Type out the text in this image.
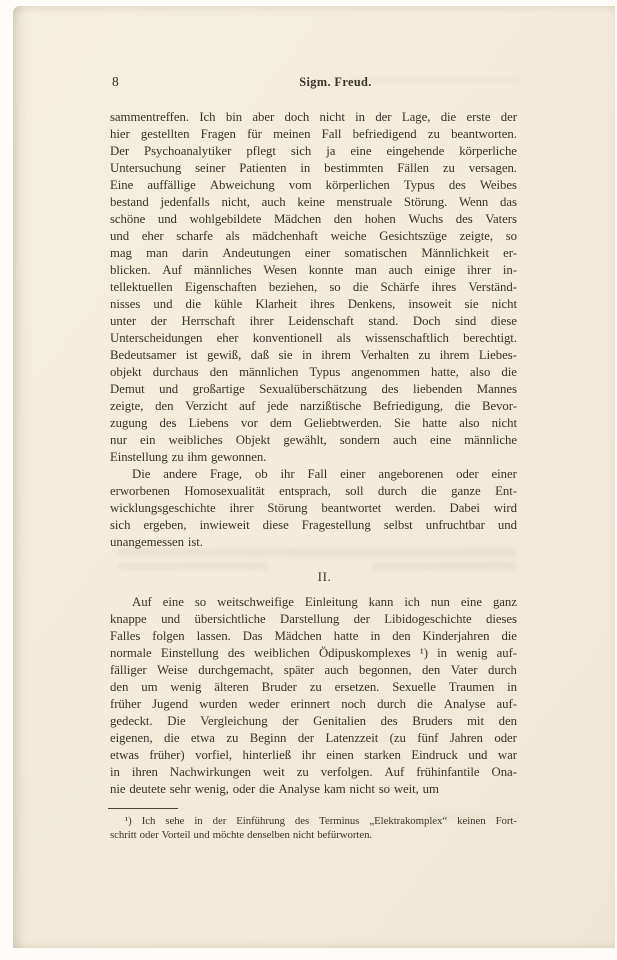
8	Sigm. Freud.
sammentreffen. Ich bin aber doch nicht in der Lage, die erste der
hier gestellten Fragen für meinen Fall befriedigend zu beantworten.
Der Psychoanalytiker pflegt sich ja eine eingehende körperliche
Untersuchung seiner Patienten in bestimmten Fällen zu versagen.
Eine auffällige Abweichung vom körperlichen Typus des Weibes
bestand jedenfalls nicht, auch keine menstruale Störung. Wenn das
schöne und wohlgebildete Mädchen den hohen Wuchs des Vaters
und eher scharfe als mädchenhaft weiche Gesichtszüge zeigte, so
mag man darin Andeutungen einer somatischen Männlichkeit er-
blicken. Auf männliches Wesen konnte man auch einige ihrer in-
tellektuellen Eigenschaften beziehen, so die Schärfe ihres Verständ-
nisses und die kühle Klarheit ihres Denkens, insoweit sie nicht
unter der Herrschaft ihrer Leidenschaft stand. Doch sind diese
Unterscheidungen eher konventionell als wissenschaftlich berechtigt.
Bedeutsamer ist gewiß, daß sie in ihrem Verhalten zu ihrem Liebes-
objekt durchaus den männlichen Typus angenommen hatte, also die
Demut und großartige Sexualüberschätzung des liebenden Mannes
zeigte, den Verzicht auf jede narzißtische Befriedigung, die Bevor-
zugung des Liebens vor dem Geliebtwerden. Sie hatte also nicht
nur ein weibliches Objekt gewählt, sondern auch eine männliche
Einstellung zu ihm gewonnen.
Die andere Frage, ob ihr Fall einer angeborenen oder einer
erworbenen Homosexualität entsprach, soll durch die ganze Ent-
wicklungsgeschichte ihrer Störung beantwortet werden. Dabei wird
sich ergeben, inwieweit diese Fragestellung selbst unfruchtbar und
unangemessen ist.
II.
Auf eine so weitschweifige Einleitung kann ich nun eine ganz
knappe und übersichtliche Darstellung der Libidogeschichte dieses
Falles folgen lassen. Das Mädchen hatte in den Kinderjahren die
normale Einstellung des weiblichen Ödipuskomplexes ¹) in wenig auf-
fälliger Weise durchgemacht, später auch begonnen, den Vater durch
den um wenig älteren Bruder zu ersetzen. Sexuelle Traumen in
früher Jugend wurden weder erinnert noch durch die Analyse auf-
gedeckt. Die Vergleichung der Genitalien des Bruders mit den
eigenen, die etwa zu Beginn der Latenzzeit (zu fünf Jahren oder
etwas früher) vorfiel, hinterließ ihr einen starken Eindruck und war
in ihren Nachwirkungen weit zu verfolgen. Auf frühinfantile Ona-
nie deutete sehr wenig, oder die Analyse kam nicht so weit, um
¹) Ich sehe in der Einführung des Terminus „Elektrakomplex“ keinen Fort-
schritt oder Vorteil und möchte denselben nicht befürworten.
